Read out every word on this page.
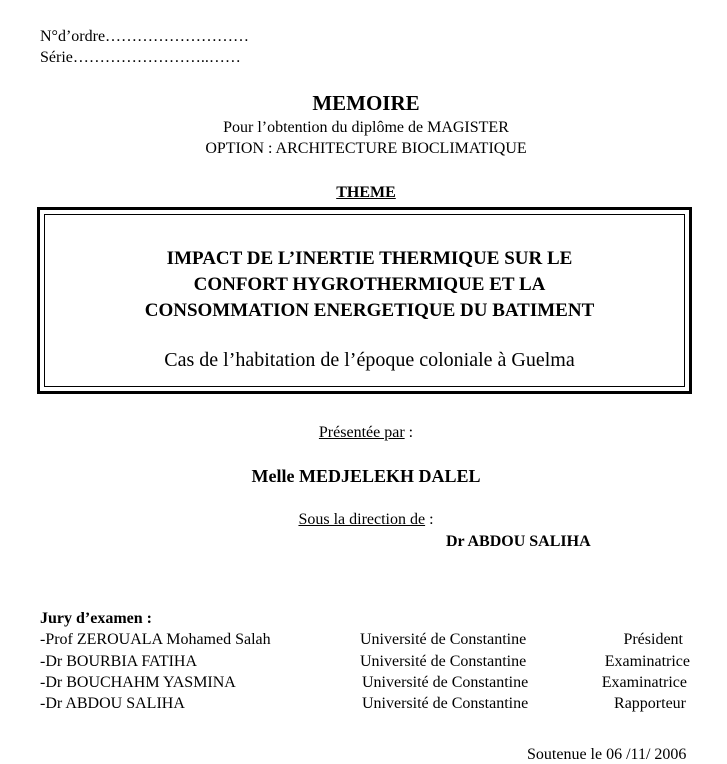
N°d’ordre………………………
Série……………………..……
MEMOIRE
Pour l’obtention du diplôme de MAGISTER
OPTION : ARCHITECTURE BIOCLIMATIQUE
THEME
IMPACT DE L’INERTIE THERMIQUE SUR LE
CONFORT HYGROTHERMIQUE ET LA
CONSOMMATION ENERGETIQUE DU BATIMENT
Cas de l’habitation de l’époque coloniale à Guelma
Présentée par :
Melle MEDJELEKH DALEL
Sous la direction de :
Dr ABDOU SALIHA
Jury d’examen :
-Prof ZEROUALA Mohamed Salah	Université de Constantine	Président
-Dr BOURBIA FATIHA	Université de Constantine	Examinatrice
-Dr BOUCHAHM YASMINA	Université de Constantine	Examinatrice
-Dr ABDOU SALIHA	Université de Constantine	Rapporteur
Soutenue le 06 /11/ 2006
